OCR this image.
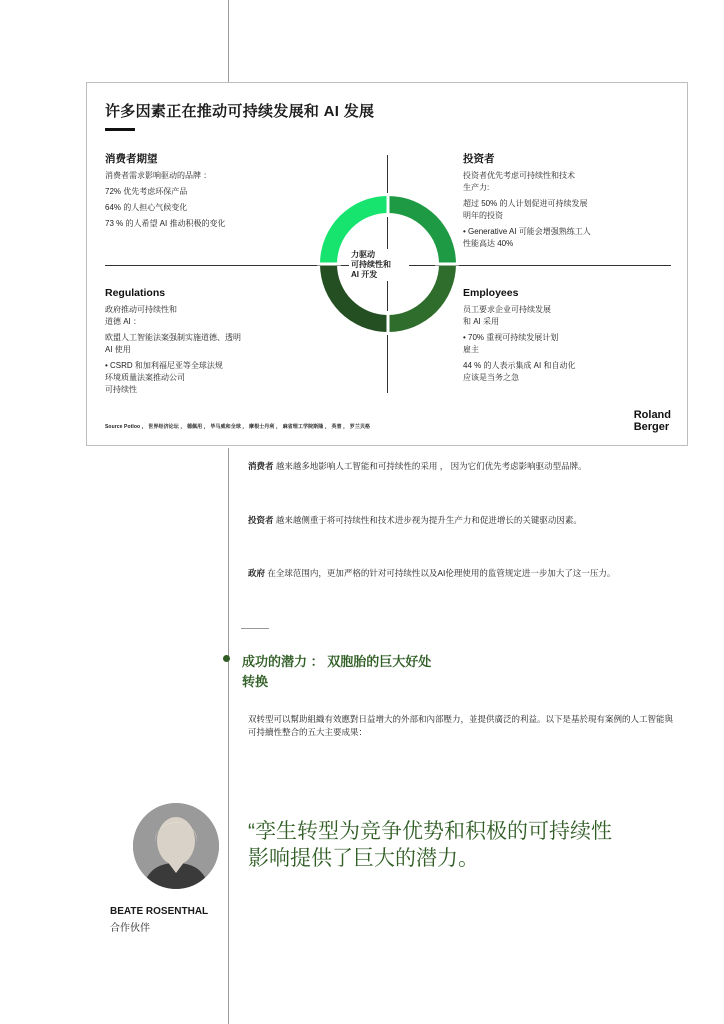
许多因素正在推动可持续发展和 AI 发展
消费者期望
消费者需求影响驱动的品牌 ：
72% 优先考虑环保产品
64% 的人担心气候变化
73 % 的人希望 AI 推动积极的变化
投资者
投资者优先考虑可持续性和技术
生产力:
超过 50% 的人计划促进可持续发展
明年的投资
• Generative AI 可能会增强熟练工人
性能高达 40%
Regulations
政府推动可持续性和
道德 AI ：
欧盟人工智能法案强制实施道德、透明
AI 使用
• CSRD 和加利福尼亚等全球法规
环境质量法案推动公司
可持续性
Employees
员工要求企业可持续发展
和 AI 采用
• 70% 重视可持续发展计划
雇主
44 % 的人表示集成 AI 和自动化
应该是当务之急
力驱动
可持续性和
AI 开发
Source Potloo ， 世界经济论坛 ， 德佩用 ， 毕马威和全球 ， 摩根士丹利 ， 麻省理工学院斯隆 ， 英普 ， 罗兰贝格
Roland
Berger
消费者 越来越多地影响人工智能和可持续性的采用 ， 因为它们优先考虑影响驱动型品牌。
投资者 越来越侧重于将可持续性和技术进步视为提升生产力和促进增长的关键驱动因素。
政府 在全球范围内，更加严格的针对可持续性以及AI伦理使用的监管规定进一步加大了这一压力。
成功的潜力 ： 双胞胎的巨大好处
转换
双转型可以幫助組織有效應對日益增大的外部和內部壓力，並提供廣泛的利益。以下是基於現有案例的人工智能與可持續性整合的五大主要成果：
BEATE ROSENTHAL
合作伙伴
“孪生转型为竞争优势和积极的可持续性
影响提供了巨大的潜力。
